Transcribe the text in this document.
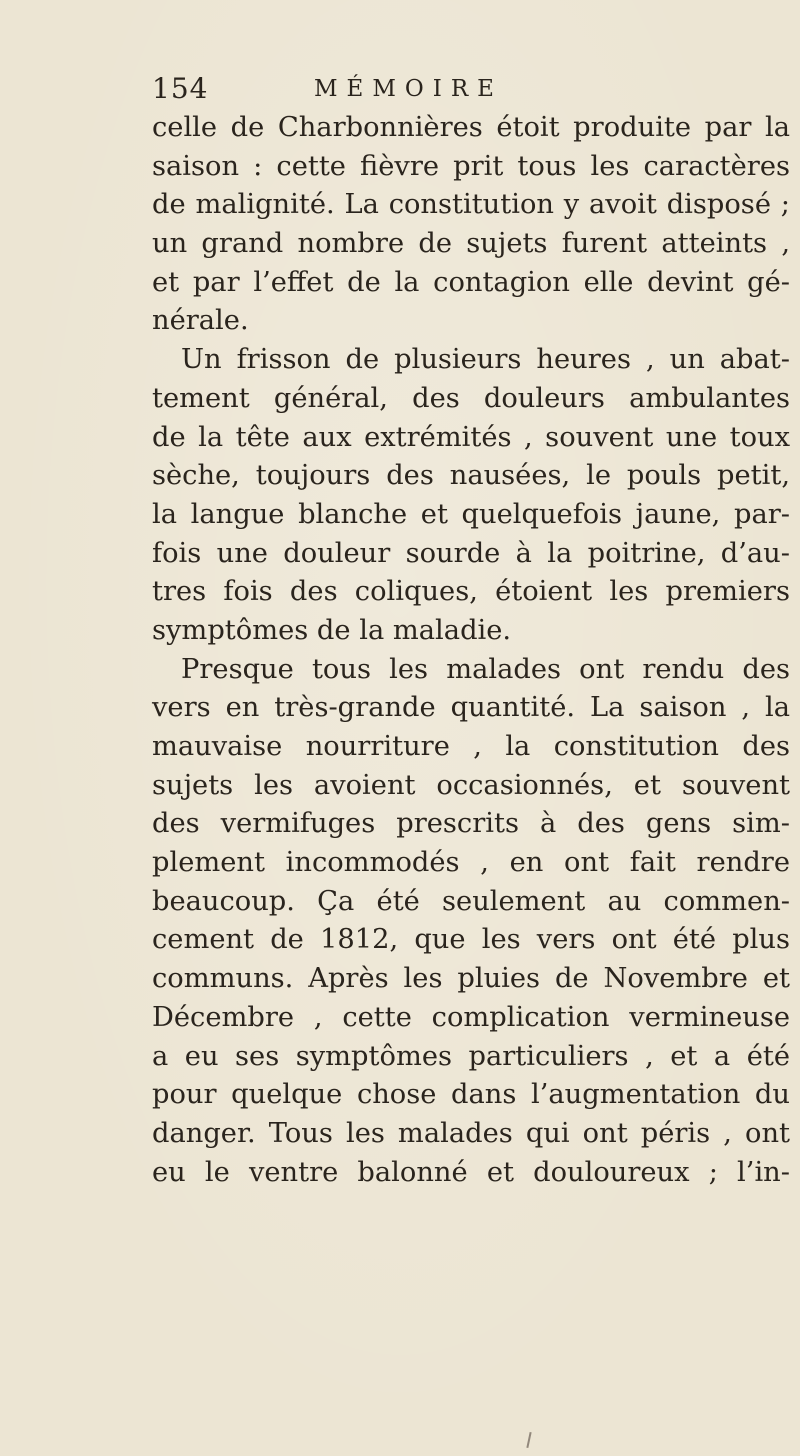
154	MÉMOIRE
celle de Charbonnières étoit produite par la
saison : cette fièvre prit tous les caractères
de malignité. La constitution y avoit disposé ;
un grand nombre de sujets furent atteints ,
et par l’effet de la contagion elle devint gé-
nérale.
Un frisson de plusieurs heures , un abat-
tement général, des douleurs ambulantes
de la tête aux extrémités , souvent une toux
sèche, toujours des nausées, le pouls petit,
la langue blanche et quelquefois jaune, par-
fois une douleur sourde à la poitrine, d’au-
tres fois des coliques, étoient les premiers
symptômes de la maladie.
Presque tous les malades ont rendu des
vers en très-grande quantité. La saison , la
mauvaise nourriture , la constitution des
sujets les avoient occasionnés, et souvent
des vermifuges prescrits à des gens sim-
plement incommodés , en ont fait rendre
beaucoup. Ça été seulement au commen-
cement de 1812, que les vers ont été plus
communs. Après les pluies de Novembre et
Décembre , cette complication vermineuse
a eu ses symptômes particuliers , et a été
pour quelque chose dans l’augmentation du
danger. Tous les malades qui ont péris , ont
eu le ventre balonné et douloureux ; l’in-
